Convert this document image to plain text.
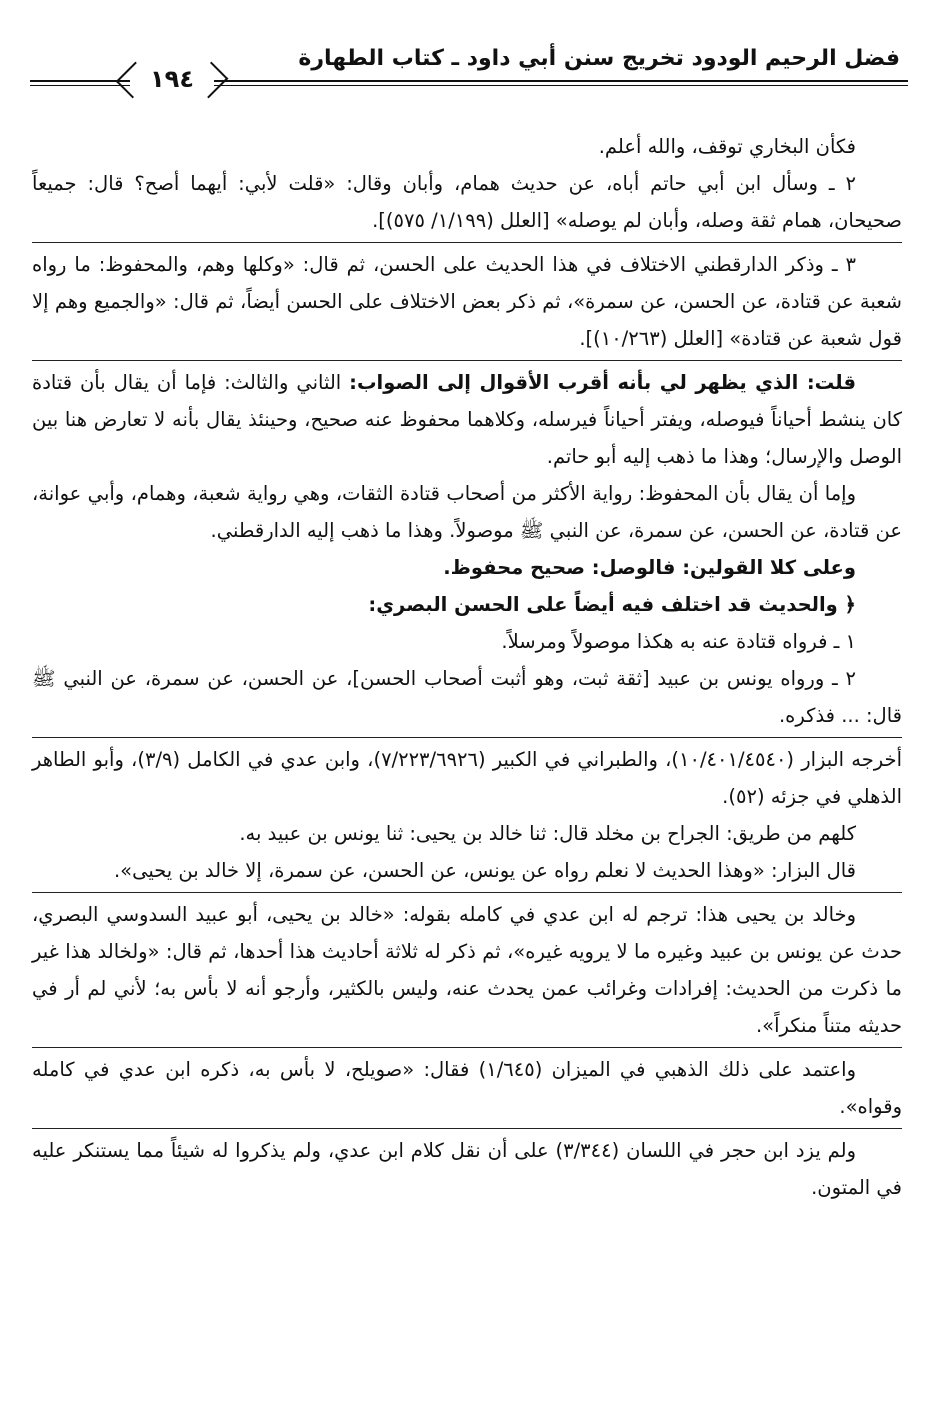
فضل الرحيم الودود تخريج سنن أبي داود ـ كتاب الطهارة
١٩٤

فكأن البخاري توقف، والله أعلم.

٢ ـ وسأل ابن أبي حاتم أباه، عن حديث همام، وأبان وقال: «قلت لأبي: أيهما أصح؟ قال: جميعاً صحيحان، همام ثقة وصله، وأبان لم يوصله» [العلل (١/١٩٩/ ٥٧٥)].

٣ ـ وذكر الدارقطني الاختلاف في هذا الحديث على الحسن، ثم قال: «وكلها وهم، والمحفوظ: ما رواه شعبة عن قتادة، عن الحسن، عن سمرة»، ثم ذكر بعض الاختلاف على الحسن أيضاً، ثم قال: «والجميع وهم إلا قول شعبة عن قتادة» [العلل (١٠/٢٦٣)].

قلت: الذي يظهر لي بأنه أقرب الأقوال إلى الصواب: الثاني والثالث: فإما أن يقال بأن قتادة كان ينشط أحياناً فيوصله، ويفتر أحياناً فيرسله، وكلاهما محفوظ عنه صحيح، وحينئذ يقال بأنه لا تعارض هنا بين الوصل والإرسال؛ وهذا ما ذهب إليه أبو حاتم.

وإما أن يقال بأن المحفوظ: رواية الأكثر من أصحاب قتادة الثقات، وهي رواية شعبة، وهمام، وأبي عوانة، عن قتادة، عن الحسن، عن سمرة، عن النبي ﷺ موصولاً. وهذا ما ذهب إليه الدارقطني.

وعلى كلا القولين: فالوصل: صحيح محفوظ.

﴿ والحديث قد اختلف فيه أيضاً على الحسن البصري:

١ ـ فرواه قتادة عنه به هكذا موصولاً ومرسلاً.

٢ ـ ورواه يونس بن عبيد [ثقة ثبت، وهو أثبت أصحاب الحسن]، عن الحسن، عن سمرة، عن النبي ﷺ قال: ... فذكره.

أخرجه البزار (١٠/٤٠١/٤٥٤٠)، والطبراني في الكبير (٧/٢٢٣/٦٩٢٦)، وابن عدي في الكامل (٣/٩)، وأبو الطاهر الذهلي في جزئه (٥٢).

كلهم من طريق: الجراح بن مخلد قال: ثنا خالد بن يحيى: ثنا يونس بن عبيد به.

قال البزار: «وهذا الحديث لا نعلم رواه عن يونس، عن الحسن، عن سمرة، إلا خالد بن يحيى».

وخالد بن يحيى هذا: ترجم له ابن عدي في كامله بقوله: «خالد بن يحيى، أبو عبيد السدوسي البصري، حدث عن يونس بن عبيد وغيره ما لا يرويه غيره»، ثم ذكر له ثلاثة أحاديث هذا أحدها، ثم قال: «ولخالد هذا غير ما ذكرت من الحديث: إفرادات وغرائب عمن يحدث عنه، وليس بالكثير، وأرجو أنه لا بأس به؛ لأني لم أر في حديثه متناً منكراً».

واعتمد على ذلك الذهبي في الميزان (١/٦٤٥) فقال: «صويلح، لا بأس به، ذكره ابن عدي في كامله وقواه».

ولم يزد ابن حجر في اللسان (٣/٣٤٤) على أن نقل كلام ابن عدي، ولم يذكروا له شيئاً مما يستنكر عليه في المتون.
